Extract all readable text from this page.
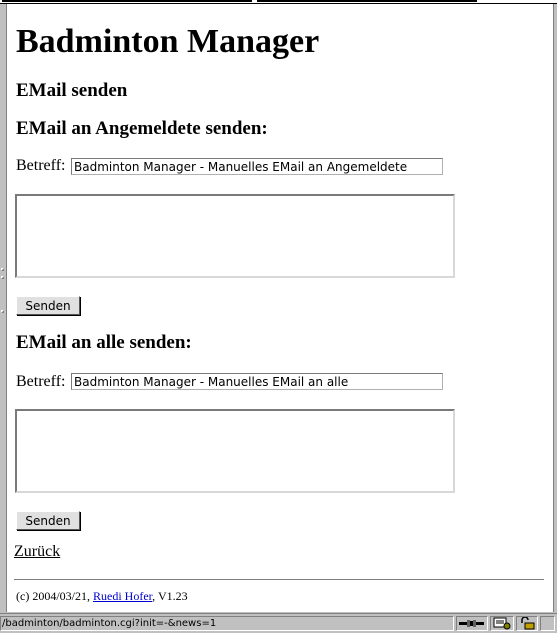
Badminton Manager
EMail senden
EMail an Angemeldete senden:
Betreff:
Badminton Manager - Manuelles EMail an Angemeldete
Senden
EMail an alle senden:
Betreff:
Badminton Manager - Manuelles EMail an alle
Senden
Zurück
(c) 2004/03/21, Ruedi Hofer, V1.23
/badminton/badminton.cgi?init=-&news=1
